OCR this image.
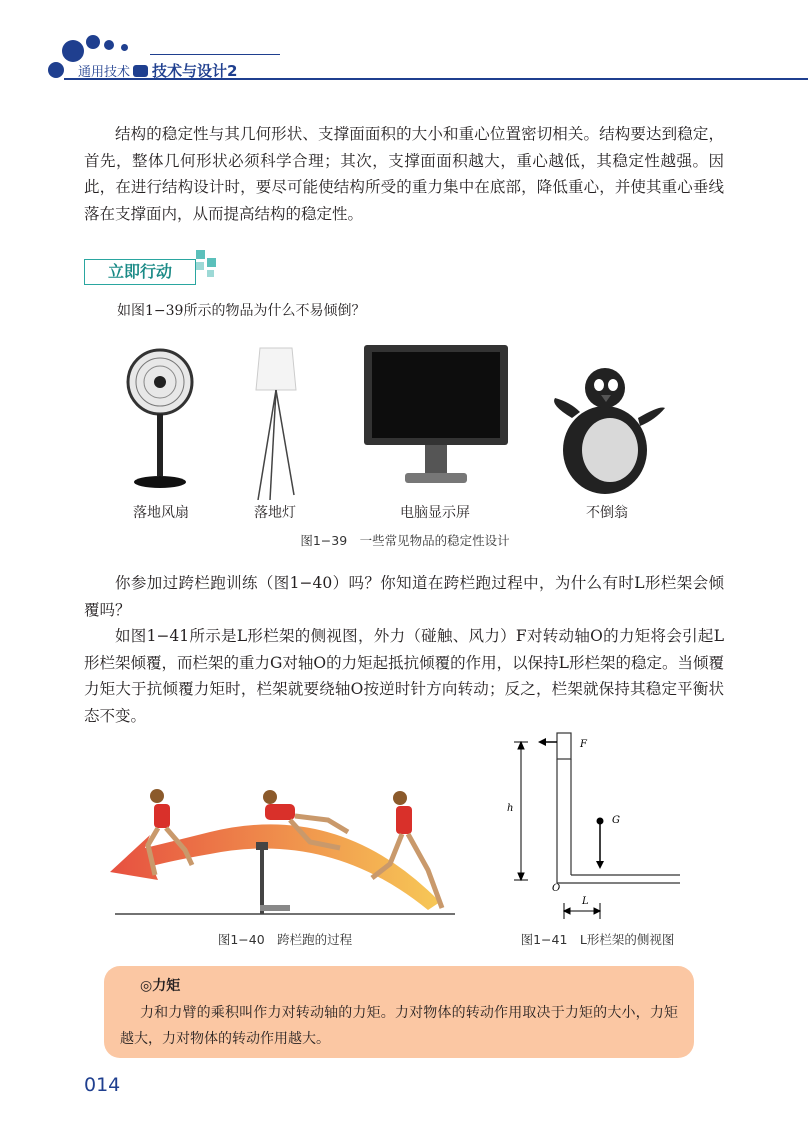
通用技术 技术与设计2

结构的稳定性与其几何形状、支撑面面积的大小和重心位置密切相关。结构要达到稳定，首先，整体几何形状必须科学合理；其次，支撑面面积越大，重心越低，其稳定性越强。因此，在进行结构设计时，要尽可能使结构所受的重力集中在底部，降低重心，并使其重心垂线落在支撑面内，从而提高结构的稳定性。

立即行动

如图1−39所示的物品为什么不易倾倒？

落地风扇	落地灯	电脑显示屏	不倒翁
图1−39　一些常见物品的稳定性设计

你参加过跨栏跑训练（图1−40）吗？你知道在跨栏跑过程中，为什么有时L形栏架会倾覆吗？

如图1−41所示是L形栏架的侧视图，外力（碰触、风力）F对转动轴O的力矩将会引起L形栏架倾覆，而栏架的重力G对轴O的力矩起抵抗倾覆的作用，以保持L形栏架的稳定。当倾覆力矩大于抗倾覆力矩时，栏架就要绕轴O按逆时针方向转动；反之，栏架就保持其稳定平衡状态不变。

图1−40　跨栏跑的过程
F
G
h
O
L
图1−41　L形栏架的侧视图
◎力矩

力和力臂的乘积叫作力对转动轴的力矩。力对物体的转动作用取决于力矩的大小，力矩越大，力对物体的转动作用越大。

014
